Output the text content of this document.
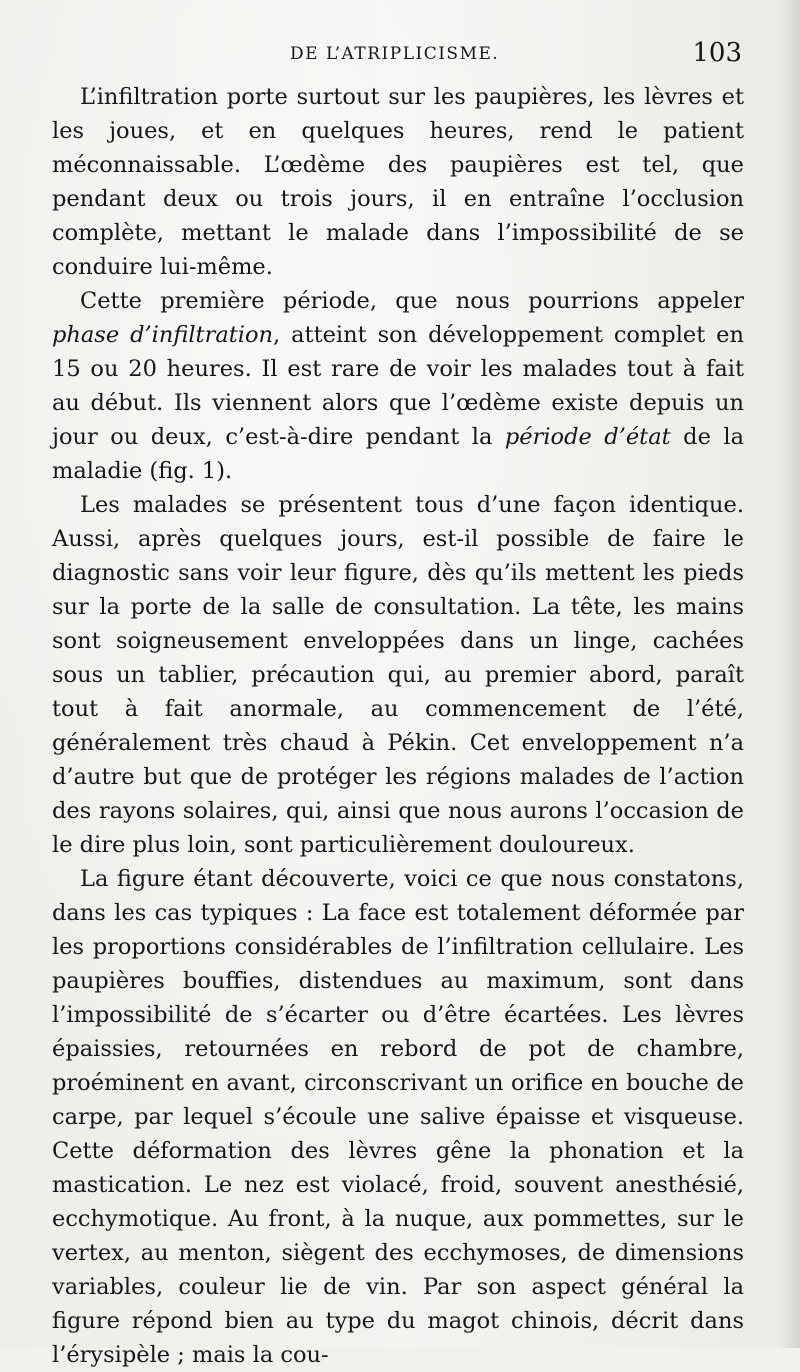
DE L’ATRIPLICISME.	103

L’infiltration porte surtout sur les paupières, les lèvres et les joues, et en quelques heures, rend le patient méconnaissable. L’œdème des paupières est tel, que pendant deux ou trois jours, il en entraîne l’occlusion complète, mettant le malade dans l’impossibilité de se conduire lui-même.

Cette première période, que nous pourrions appeler phase d’infiltration, atteint son développement complet en 15 ou 20 heures. Il est rare de voir les malades tout à fait au début. Ils viennent alors que l’œdème existe depuis un jour ou deux, c’est-à-dire pendant la période d’état de la maladie (fig. 1).

Les malades se présentent tous d’une façon identique. Aussi, après quelques jours, est-il possible de faire le diagnostic sans voir leur figure, dès qu’ils mettent les pieds sur la porte de la salle de consultation. La tête, les mains sont soigneusement enveloppées dans un linge, cachées sous un tablier, précaution qui, au premier abord, paraît tout à fait anormale, au commencement de l’été, généralement très chaud à Pékin. Cet enveloppement n’a d’autre but que de protéger les régions malades de l’action des rayons solaires, qui, ainsi que nous aurons l’occasion de le dire plus loin, sont particulièrement douloureux.

La figure étant découverte, voici ce que nous constatons, dans les cas typiques : La face est totalement déformée par les proportions considérables de l’infiltration cellulaire. Les paupières bouffies, distendues au maximum, sont dans l’impossibilité de s’écarter ou d’être écartées. Les lèvres épaissies, retournées en rebord de pot de chambre, proéminent en avant, circonscrivant un orifice en bouche de carpe, par lequel s’écoule une salive épaisse et visqueuse. Cette déformation des lèvres gêne la phonation et la mastication. Le nez est violacé, froid, souvent anesthésié, ecchymotique. Au front, à la nuque, aux pommettes, sur le vertex, au menton, siègent des ecchymoses, de dimensions variables, couleur lie de vin. Par son aspect général la figure répond bien au type du magot chinois, décrit dans l’érysipèle ; mais la cou-
